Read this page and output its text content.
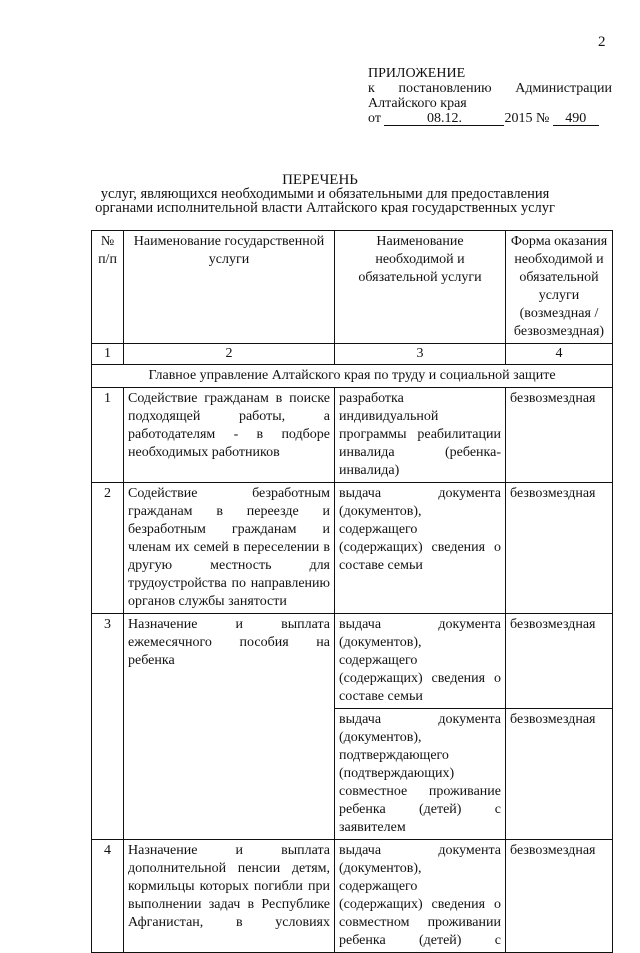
2
ПРИЛОЖЕНИЕ
к постановлению Администрации
Алтайского края
от	08.12.	2015 № 490
ПЕРЕЧЕНЬ
услуг, являющихся необходимыми и обязательными для предоставления
органами исполнительной власти Алтайского края государственных услуг
№ п/п	Наименование государственной услуги	Наименование необходимой и обязательной услуги	Форма оказания необходимой и обязательной услуги (возмездная / безвозмездная)
1	2	3	4
Главное управление Алтайского края по труду и социальной защите			
1	Содействие гражданам в поиске подходящей работы, а работодателям - в подборе необходимых работников	разработка индивидуальной программы реабилитации инвалида (ребенка-инвалида)	безвозмездная
2	Содействие безработным гражданам в переезде и безработным гражданам и членам их семей в переселении в другую местность для трудоустройства по направлению органов службы занятости	выдача документа (документов), содержащего (содержащих) сведения о составе семьи	безвозмездная
3	Назначение и выплата ежемесячного пособия на ребенка	выдача документа (документов), содержащего (содержащих) сведения о составе семьи	безвозмездная
		выдача документа (документов), подтверждающего (подтверждающих) совместное проживание ребенка (детей) с заявителем	безвозмездная
4	Назначение и выплата дополнительной пенсии детям, кормильцы которых погибли при выполнении задач в Республике Афганистан, в условиях	выдача документа (документов), содержащего (содержащих) сведения о совместном проживании ребенка (детей) с	безвозмездная
